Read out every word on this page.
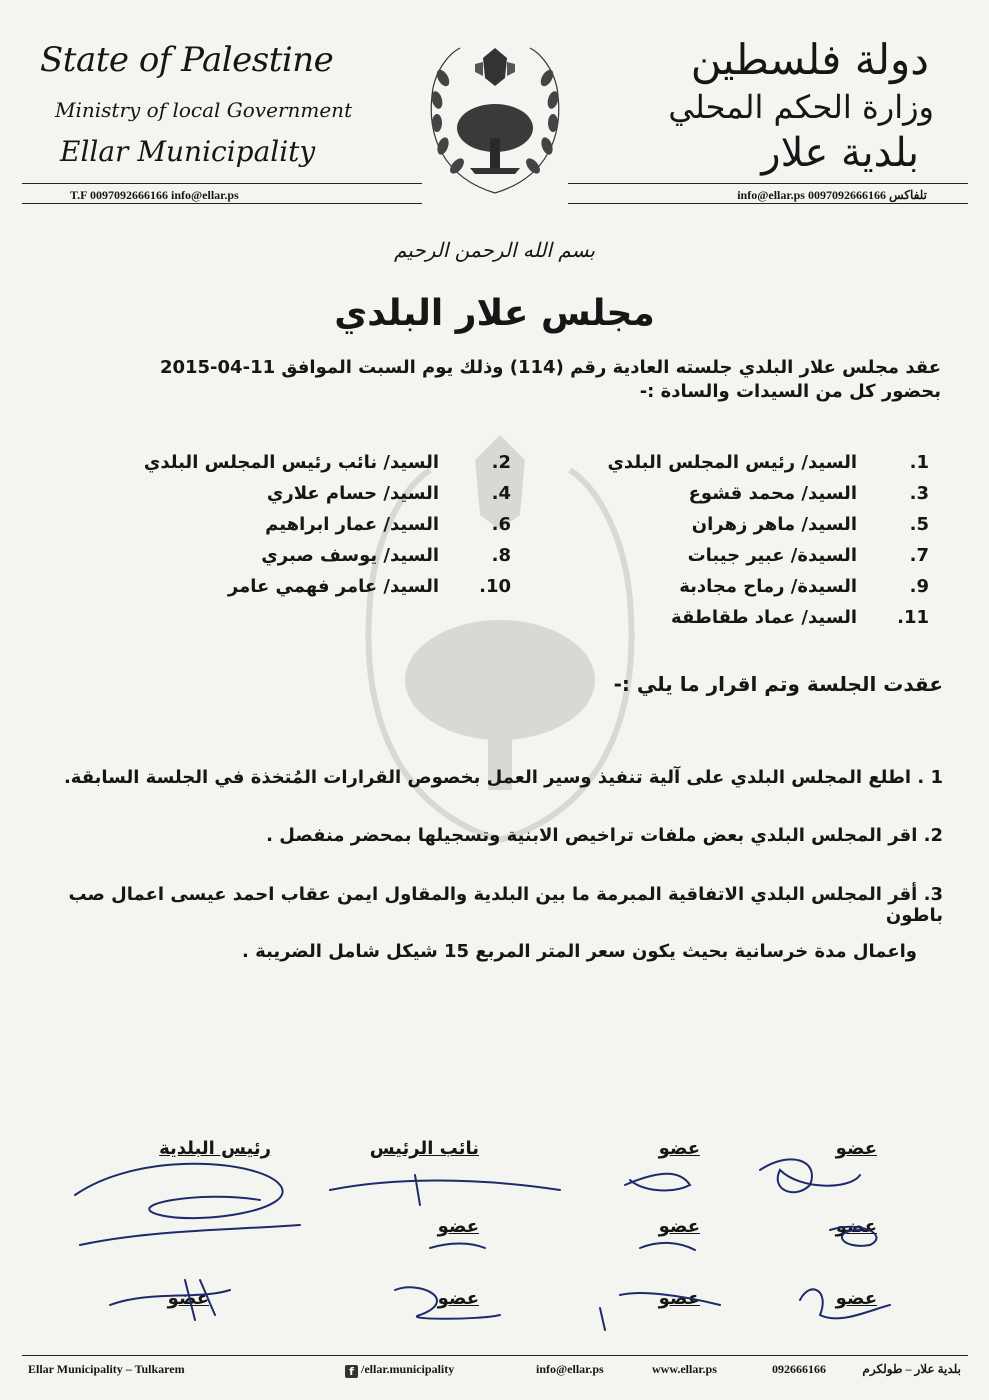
State of Palestine
Ministry of local Government
Ellar Municipality
دولة فلسطين
وزارة الحكم المحلي
بلدية علار
T.F 0097092666166 info@ellar.ps	تلفاكس 0097092666166 info@ellar.ps
بسم الله الرحمن الرحيم
مجلس علار البلدي
عقد مجلس علار البلدي جلسته العادية رقم (114) وذلك يوم السبت الموافق 11-04-2015
بحضور كل من السيدات والسادة :-
1.السيد/ رئيس المجلس البلدي
3.السيد/ محمد قشوع
5.السيد/ ماهر زهران
7.السيدة/ عبير جيبات
9.السيدة/ رماح مجادبة
11.السيد/ عماد طقاطقة
2.السيد/ نائب رئيس المجلس البلدي
4.السيد/ حسام علاري
6.السيد/ عمار ابراهيم
8.السيد/ يوسف صبري
10.السيد/ عامر فهمي عامر
عقدت الجلسة وتم اقرار ما يلي :-
1 . اطلع المجلس البلدي على آلية تنفيذ وسير العمل بخصوص القرارات المُتخذة في الجلسة السابقة.
2. اقر المجلس البلدي بعض ملفات تراخيص الابنية وتسجيلها بمحضر منفصل .
3. أقر المجلس البلدي الاتفاقية المبرمة ما بين البلدية والمقاول ايمن عقاب احمد عيسى اعمال صب باطون
واعمال مدة خرسانية بحيث يكون سعر المتر المربع 15 شيكل شامل الضريبة .
عضو
عضو
نائب الرئيس
رئيس البلدية
عضو
عضو
عضو
عضو
عضو
عضو
عضو
Ellar Municipality – Tulkarem	f /ellar.municipality	info@ellar.ps	www.ellar.ps	092666166	بلدية علار – طولكرم
